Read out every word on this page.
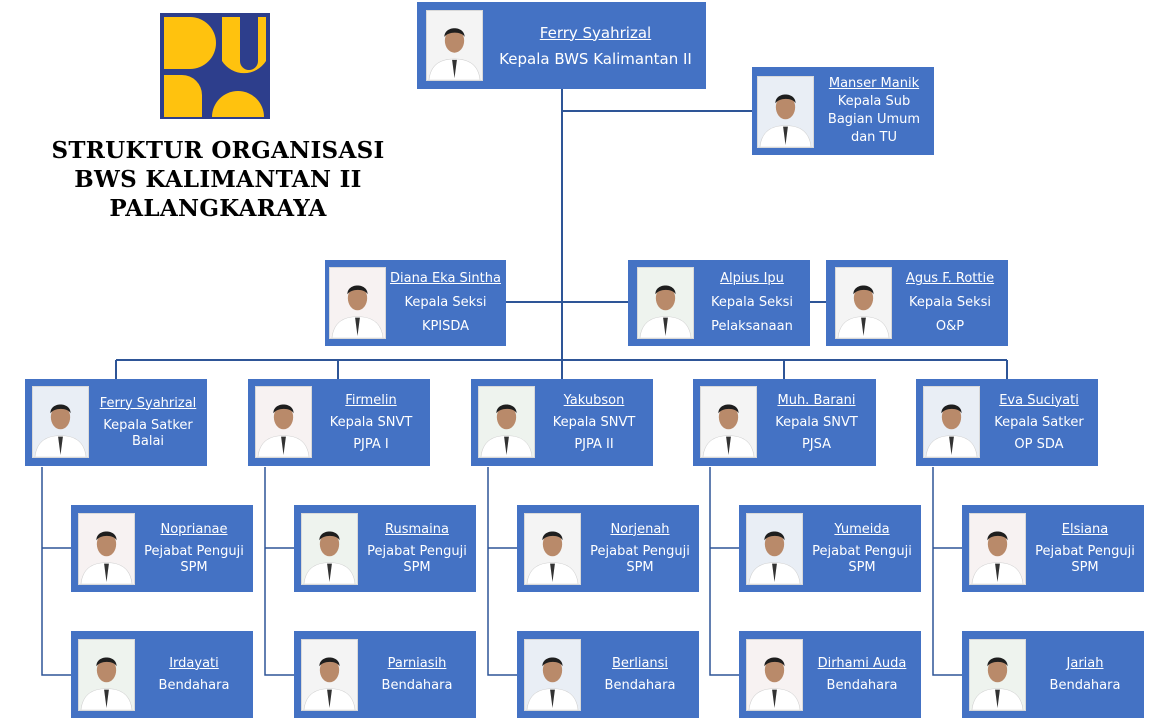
STRUKTUR ORGANISASI
BWS KALIMANTAN II
PALANGKARAYA
Ferry Syahrizal
Kepala BWS Kalimantan II
Manser Manik
Kepala Sub
Bagian Umum
dan TU
Diana Eka Sintha
Kepala Seksi
KPISDA
Alpius Ipu
Kepala Seksi
Pelaksanaan
Agus F. Rottie
Kepala Seksi
O&P
Ferry Syahrizal
Kepala Satker
Balai
Firmelin
Kepala SNVT
PJPA I
Yakubson
Kepala SNVT
PJPA II
Muh. Barani
Kepala SNVT
PJSA
Eva Suciyati
Kepala Satker
OP SDA
Noprianae
Pejabat Penguji
SPM
Rusmaina
Pejabat Penguji
SPM
Norjenah
Pejabat Penguji
SPM
Yumeida
Pejabat Penguji
SPM
Elsiana
Pejabat Penguji
SPM
Irdayati
Bendahara
Parniasih
Bendahara
Berliansi
Bendahara
Dirhami Auda
Bendahara
Jariah
Bendahara
